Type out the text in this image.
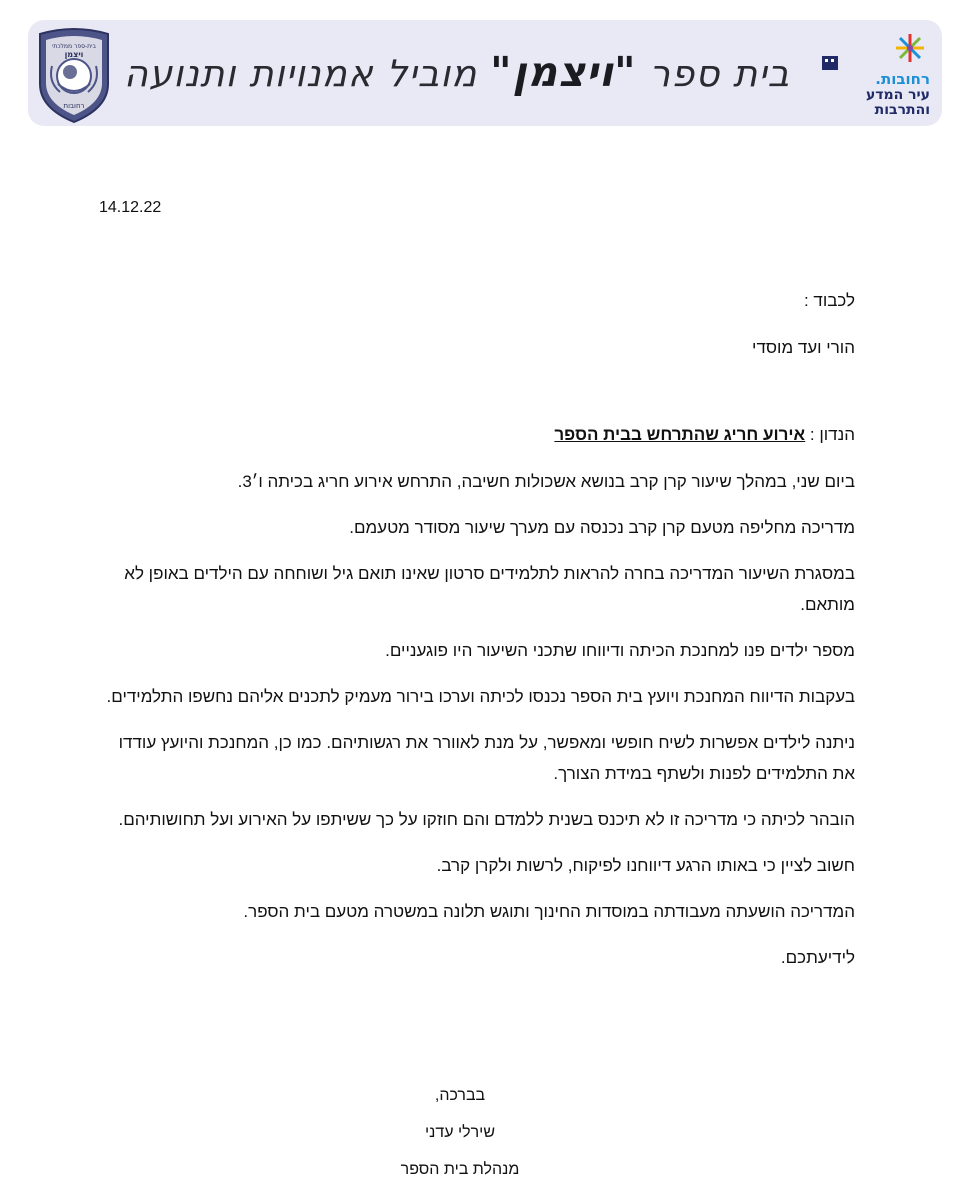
בית-ספר ממלכתי
ויצמן
רחובות
בית ספר "ויצמן" מוביל אמנויות ותנועה	רחובות.
עיר המדע
והתרבות
14.12.22
לכבוד :
הורי ועד מוסדי
הנדון : אירוע חריג שהתרחש בבית הספר

ביום שני, במהלך שיעור קרן קרב בנושא אשכולות חשיבה, התרחש אירוע חריג בכיתה ו׳3.

מדריכה מחליפה מטעם קרן קרב נכנסה עם מערך שיעור מסודר מטעמם.

במסגרת השיעור המדריכה בחרה להראות לתלמידים סרטון שאינו תואם גיל ושוחחה עם הילדים באופן לא מותאם.

מספר ילדים פנו למחנכת הכיתה ודיווחו שתכני השיעור היו פוגעניים.

בעקבות הדיווח המחנכת ויועץ בית הספר נכנסו לכיתה וערכו בירור מעמיק לתכנים אליהם נחשפו התלמידים.

ניתנה לילדים אפשרות לשיח חופשי ומאפשר, על מנת לאוורר את רגשותיהם. כמו כן, המחנכת והיועץ עודדו את התלמידים לפנות ולשתף במידת הצורך.

הובהר לכיתה כי מדריכה זו לא תיכנס בשנית ללמדם והם חוזקו על כך ששיתפו על האירוע ועל תחושותיהם.

חשוב לציין כי באותו הרגע דיווחנו לפיקוח, לרשות ולקרן קרב.

המדריכה הושעתה מעבודתה במוסדות החינוך ותוגש תלונה במשטרה מטעם בית הספר.

לידיעתכם.

בברכה,
שירלי עדני
מנהלת בית הספר
